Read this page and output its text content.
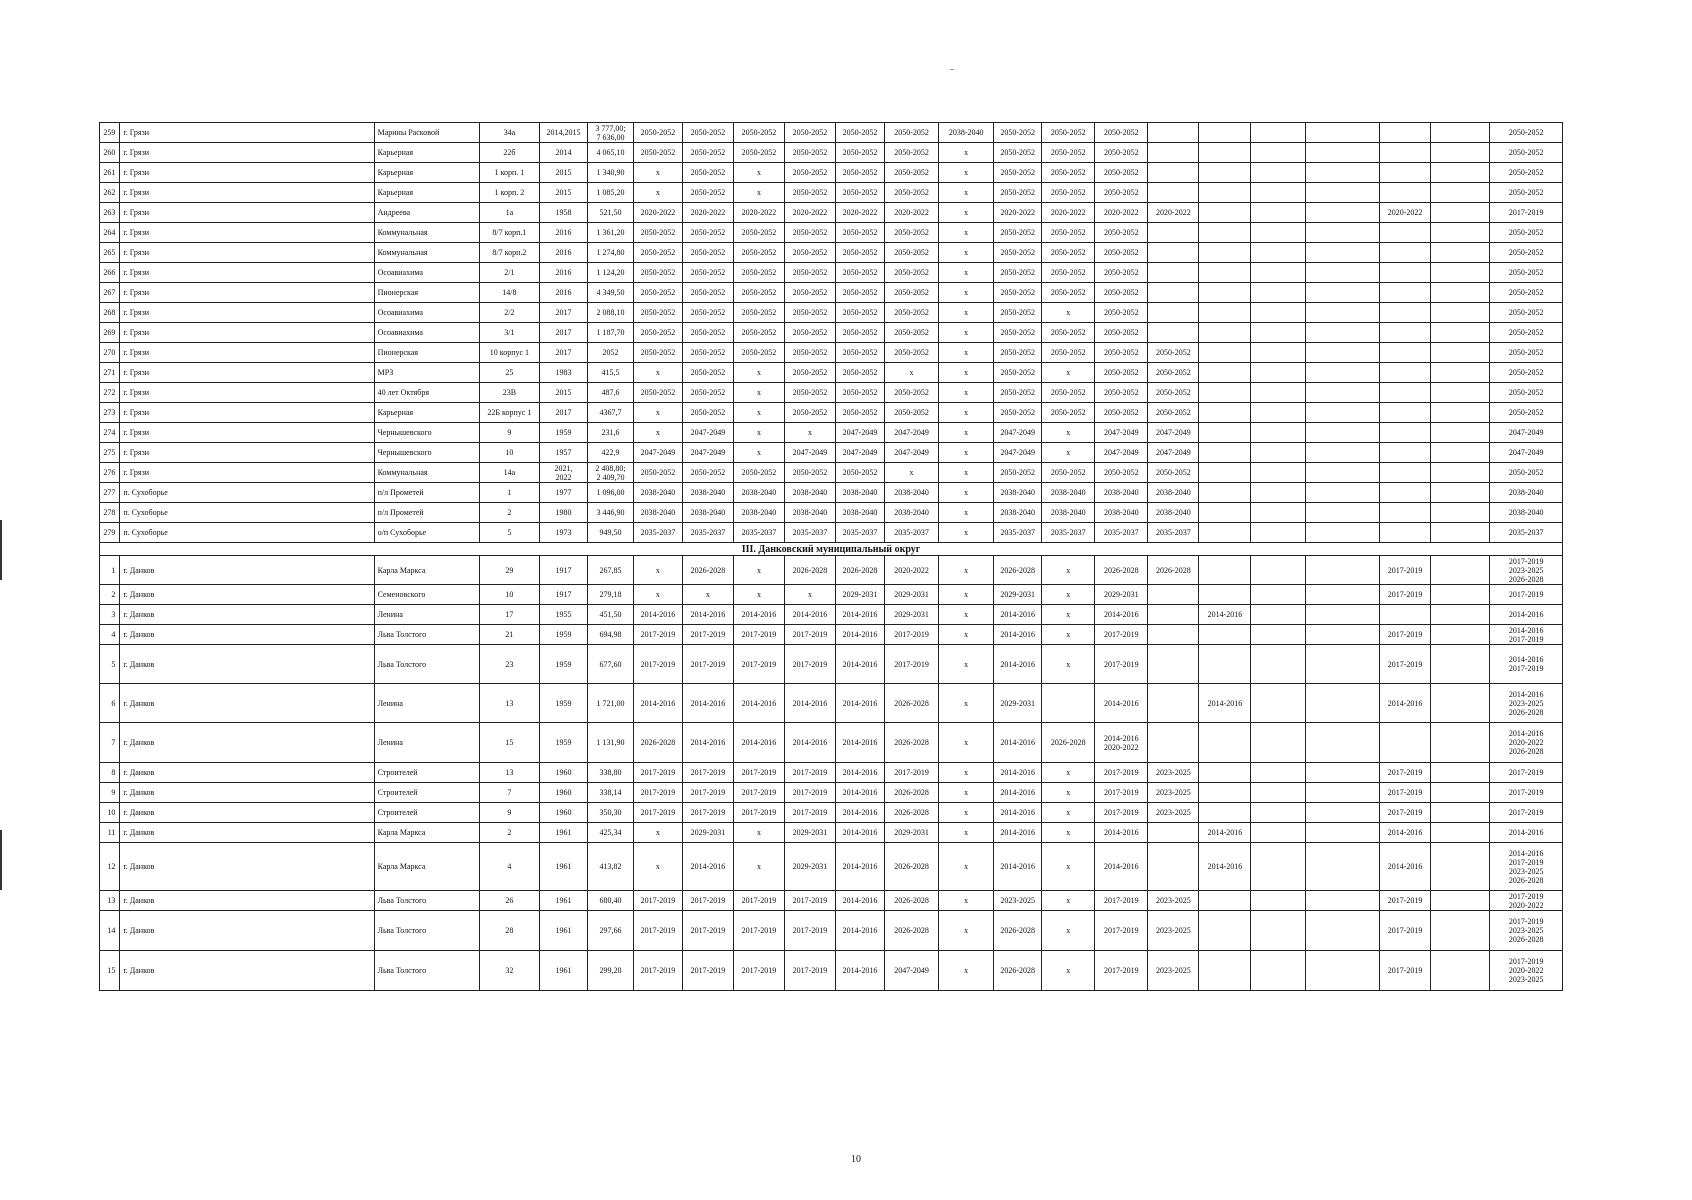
259	г. Грязи	Марины Расковой	34а	2014,2015	3 777,00;
7 636,00	2050-2052	2050-2052	2050-2052	2050-2052	2050-2052	2050-2052	2038-2040	2050-2052	2050-2052	2050-2052							2050-2052
260	г. Грязи	Карьерная	22б	2014	4 065,10	2050-2052	2050-2052	2050-2052	2050-2052	2050-2052	2050-2052	х	2050-2052	2050-2052	2050-2052							2050-2052
261	г. Грязи	Карьерная	1 корп. 1	2015	1 340,90	х	2050-2052	х	2050-2052	2050-2052	2050-2052	х	2050-2052	2050-2052	2050-2052							2050-2052
262	г. Грязи	Карьерная	1 корп. 2	2015	1 085,20	х	2050-2052	х	2050-2052	2050-2052	2050-2052	х	2050-2052	2050-2052	2050-2052							2050-2052
263	г. Грязи	Андреева	1а	1958	521,50	2020-2022	2020-2022	2020-2022	2020-2022	2020-2022	2020-2022	х	2020-2022	2020-2022	2020-2022	2020-2022				2020-2022		2017-2019
264	г. Грязи	Коммунальная	8/7 корп.1	2016	1 361,20	2050-2052	2050-2052	2050-2052	2050-2052	2050-2052	2050-2052	х	2050-2052	2050-2052	2050-2052							2050-2052
265	г. Грязи	Коммунальная	8/7 корп.2	2016	1 274,80	2050-2052	2050-2052	2050-2052	2050-2052	2050-2052	2050-2052	х	2050-2052	2050-2052	2050-2052							2050-2052
266	г. Грязи	Осоавиахима	2/1	2016	1 124,20	2050-2052	2050-2052	2050-2052	2050-2052	2050-2052	2050-2052	х	2050-2052	2050-2052	2050-2052							2050-2052
267	г. Грязи	Пионерская	14/8	2016	4 349,50	2050-2052	2050-2052	2050-2052	2050-2052	2050-2052	2050-2052	х	2050-2052	2050-2052	2050-2052							2050-2052
268	г. Грязи	Осоавиахима	2/2	2017	2 088,10	2050-2052	2050-2052	2050-2052	2050-2052	2050-2052	2050-2052	х	2050-2052	х	2050-2052							2050-2052
269	г. Грязи	Осоавиахима	3/1	2017	1 187,70	2050-2052	2050-2052	2050-2052	2050-2052	2050-2052	2050-2052	х	2050-2052	2050-2052	2050-2052							2050-2052
270	г. Грязи	Пионерская	10 корпус 1	2017	2052	2050-2052	2050-2052	2050-2052	2050-2052	2050-2052	2050-2052	х	2050-2052	2050-2052	2050-2052	2050-2052						2050-2052
271	г. Грязи	МРЗ	25	1983	415,5	х	2050-2052	х	2050-2052	2050-2052	х	х	2050-2052	х	2050-2052	2050-2052						2050-2052
272	г. Грязи	40 лет Октября	23В	2015	487,6	2050-2052	2050-2052	х	2050-2052	2050-2052	2050-2052	х	2050-2052	2050-2052	2050-2052	2050-2052						2050-2052
273	г. Грязи	Карьерная	22Б корпус 1	2017	4367,7	х	2050-2052	х	2050-2052	2050-2052	2050-2052	х	2050-2052	2050-2052	2050-2052	2050-2052						2050-2052
274	г. Грязи	Чернышевского	9	1959	231,6	х	2047-2049	х	х	2047-2049	2047-2049	х	2047-2049	х	2047-2049	2047-2049						2047-2049
275	г. Грязи	Чернышевского	10	1957	422,9	2047-2049	2047-2049	х	2047-2049	2047-2049	2047-2049	х	2047-2049	х	2047-2049	2047-2049						2047-2049
276	г. Грязи	Коммунальная	14а	2021,
2022	2 408,80;
2 409,70	2050-2052	2050-2052	2050-2052	2050-2052	2050-2052	х	х	2050-2052	2050-2052	2050-2052	2050-2052						2050-2052
277	п. Сухоборье	п/л Прометей	1	1977	1 096,00	2038-2040	2038-2040	2038-2040	2038-2040	2038-2040	2038-2040	х	2038-2040	2038-2040	2038-2040	2038-2040						2038-2040
278	п. Сухоборье	п/л Прометей	2	1980	3 446,90	2038-2040	2038-2040	2038-2040	2038-2040	2038-2040	2038-2040	х	2038-2040	2038-2040	2038-2040	2038-2040						2038-2040
279	п. Сухоборье	о/п Сухоборье	5	1973	949,50	2035-2037	2035-2037	2035-2037	2035-2037	2035-2037	2035-2037	х	2035-2037	2035-2037	2035-2037	2035-2037						2035-2037
III. Данковский муниципальный округ																						
1	г. Данков	Карла Маркса	29	1917	267,85	х	2026-2028	х	2026-2028	2026-2028	2020-2022	х	2026-2028	х	2026-2028	2026-2028				2017-2019		2017-2019
2023-2025
2026-2028
2	г. Данков	Семеновского	10	1917	279,18	х	х	х	х	2029-2031	2029-2031	х	2029-2031	х	2029-2031					2017-2019		2017-2019
3	г. Данков	Ленина	17	1955	451,50	2014-2016	2014-2016	2014-2016	2014-2016	2014-2016	2029-2031	х	2014-2016	х	2014-2016		2014-2016					2014-2016
4	г. Данков	Льва Толстого	21	1959	694,98	2017-2019	2017-2019	2017-2019	2017-2019	2014-2016	2017-2019	х	2014-2016	х	2017-2019					2017-2019		2014-2016
2017-2019
5	г. Данков	Льва Толстого	23	1959	677,60	2017-2019	2017-2019	2017-2019	2017-2019	2014-2016	2017-2019	х	2014-2016	х	2017-2019					2017-2019		2014-2016
2017-2019
6	г. Данков	Ленина	13	1959	1 721,00	2014-2016	2014-2016	2014-2016	2014-2016	2014-2016	2026-2028	х	2029-2031		2014-2016		2014-2016			2014-2016		2014-2016
2023-2025
2026-2028
7	г. Данков	Ленина	15	1959	1 131,90	2026-2028	2014-2016	2014-2016	2014-2016	2014-2016	2026-2028	х	2014-2016	2026-2028	2014-2016
2020-2022							2014-2016
2020-2022
2026-2028
8	г. Данков	Строителей	13	1960	338,80	2017-2019	2017-2019	2017-2019	2017-2019	2014-2016	2017-2019	х	2014-2016	х	2017-2019	2023-2025				2017-2019		2017-2019
9	г. Данков	Строителей	7	1960	338,14	2017-2019	2017-2019	2017-2019	2017-2019	2014-2016	2026-2028	х	2014-2016	х	2017-2019	2023-2025				2017-2019		2017-2019
10	г. Данков	Строителей	9	1960	350,30	2017-2019	2017-2019	2017-2019	2017-2019	2014-2016	2026-2028	х	2014-2016	х	2017-2019	2023-2025				2017-2019		2017-2019
11	г. Данков	Карла Маркса	2	1961	425,34	х	2029-2031	х	2029-2031	2014-2016	2029-2031	х	2014-2016	х	2014-2016		2014-2016			2014-2016		2014-2016
12	г. Данков	Карла Маркса	4	1961	413,82	х	2014-2016	х	2029-2031	2014-2016	2026-2028	х	2014-2016	х	2014-2016		2014-2016			2014-2016		2014-2016
2017-2019
2023-2025
2026-2028
13	г. Данков	Льва Толстого	26	1961	680,40	2017-2019	2017-2019	2017-2019	2017-2019	2014-2016	2026-2028	х	2023-2025	х	2017-2019	2023-2025				2017-2019		2017-2019
2020-2022
14	г. Данков	Льва Толстого	28	1961	297,66	2017-2019	2017-2019	2017-2019	2017-2019	2014-2016	2026-2028	х	2026-2028	х	2017-2019	2023-2025				2017-2019		2017-2019
2023-2025
2026-2028
15	г. Данков	Льва Толстого	32	1961	299,20	2017-2019	2017-2019	2017-2019	2017-2019	2014-2016	2047-2049	х	2026-2028	х	2017-2019	2023-2025				2017-2019		2017-2019
2020-2022
2023-2025
10
